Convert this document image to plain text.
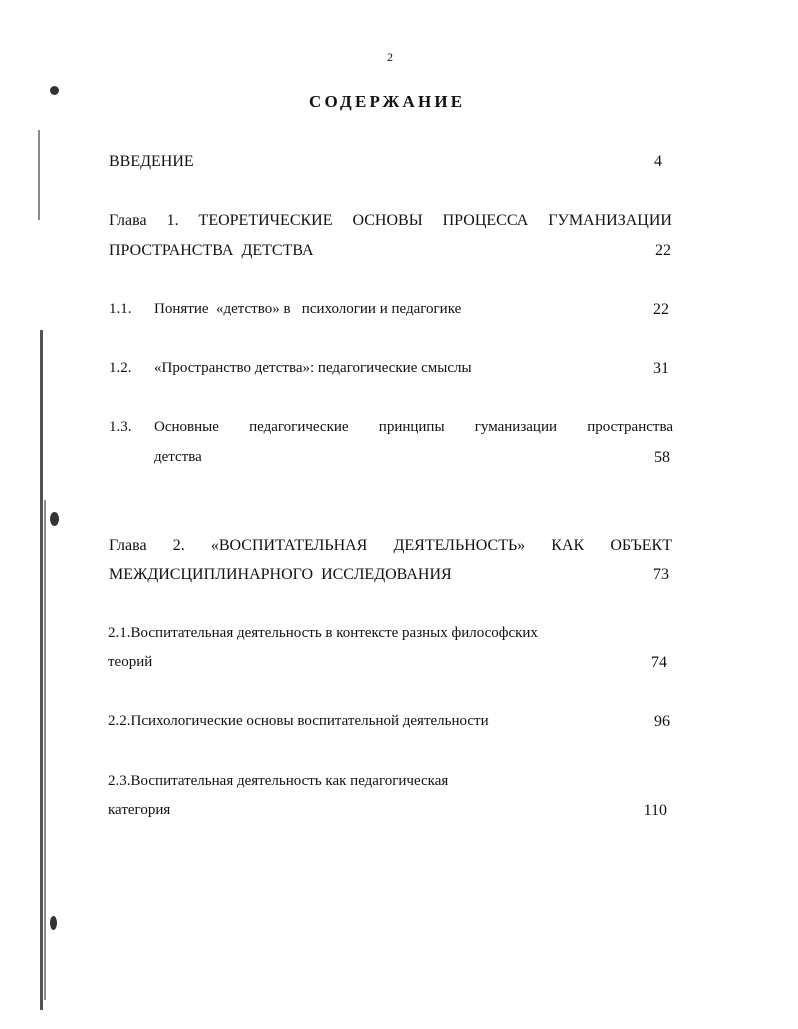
2
СОДЕРЖАНИЕ
ВВЕДЕНИЕ	4
Глава 1. ТЕОРЕТИЧЕСКИЕ ОСНОВЫ ПРОЦЕССА ГУМАНИЗАЦИИ
ПРОСТРАНСТВА  ДЕТСТВА	22
1.1. Понятие  «детство» в   психологии и педагогике	22
1.2. «Пространство детства»: педагогические смыслы	31
1.3. Основные педагогические принципы гуманизации пространства
детства	58
Глава 2. «ВОСПИТАТЕЛЬНАЯ ДЕЯТЕЛЬНОСТЬ» КАК ОБЪЕКТ
МЕЖДИСЦИПЛИНАРНОГО  ИССЛЕДОВАНИЯ	73
2.1.Воспитательная деятельность в контексте разных философских
теорий	74
2.2.Психологические основы воспитательной деятельности	96
2.3.Воспитательная деятельность как педагогическая
категория	110
